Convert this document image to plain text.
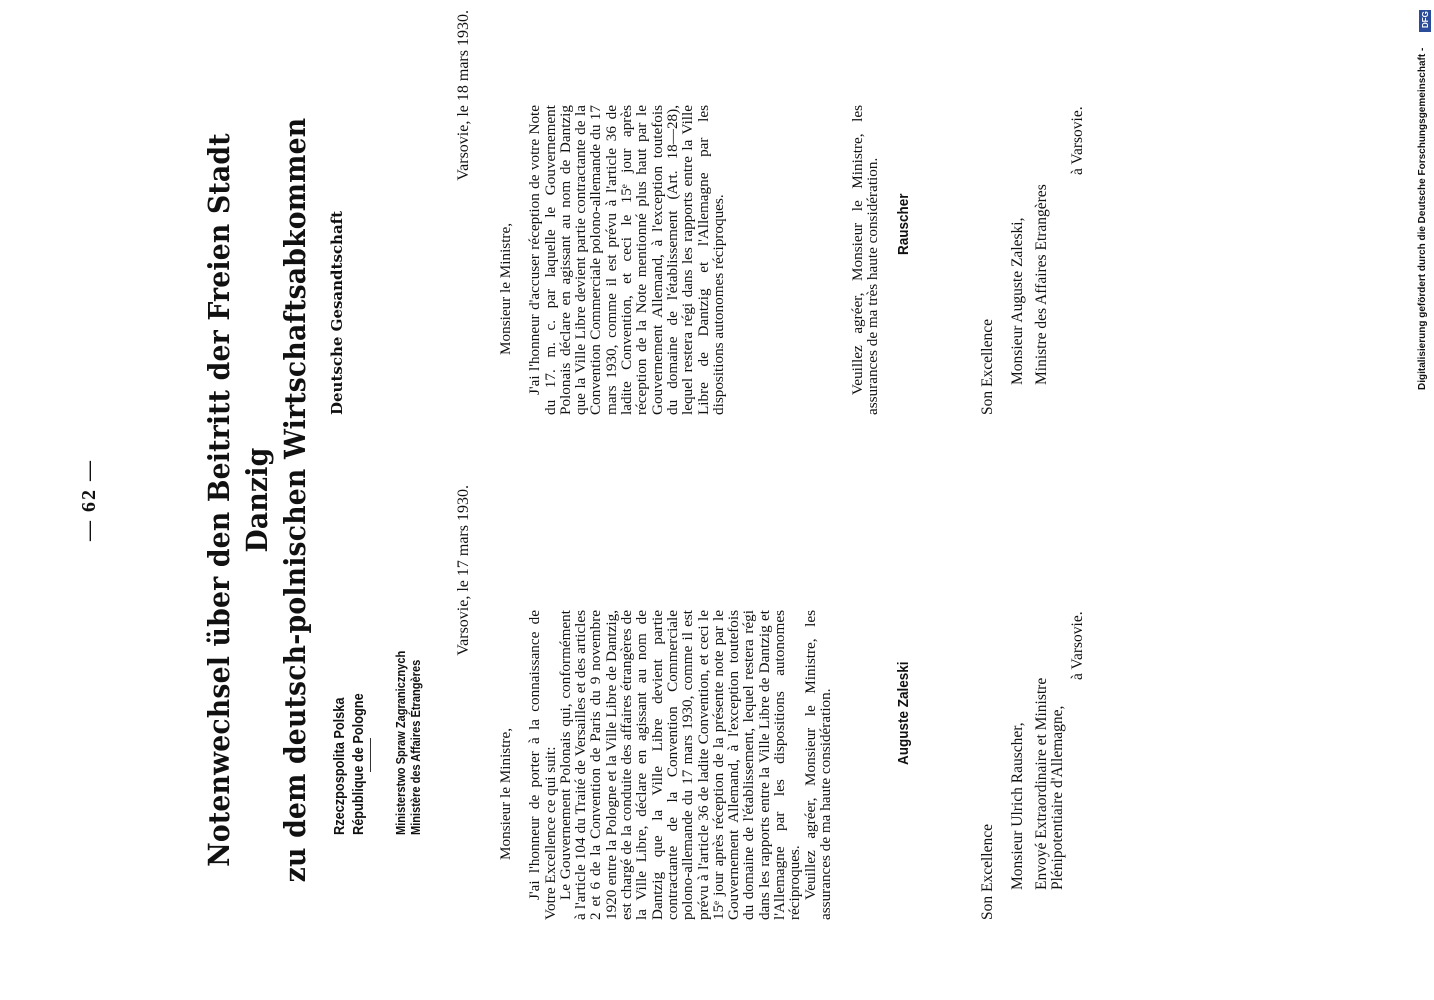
— 62 —	Notenwechsel über den Beitritt der Freien Stadt Danzig zu dem deutsch-polnischen Wirtschaftsabkommen Rzeczpospolita Polska République de Pologne Ministerstwo Spraw Zagranicznych Ministère des Affaires Étrangères
Varsovie, le 17 mars 1930.

Monsieur le Ministre, J'ai l'honneur de porter à la connaissance de Votre Excellence ce qui suit:

Le Gouvernement Polonais qui, conformément à l'article 104 du Traité de Versailles et des articles 2 et 6 de la Convention de Paris du 9 novembre 1920 entre la Pologne et la Ville Libre de Dantzig, est chargé de la conduite des affaires étrangères de la Ville Libre, déclare en agissant au nom de Dantzig que la Ville Libre devient partie contractante de la Convention Commerciale polono-allemande du 17 mars 1930, comme il est prévu à l'article 36 de ladite Convention, et ceci le 15ᵉ jour après réception de la présente note par le Gouvernement Allemand, à l'exception toutefois du domaine de l'établissement, lequel restera régi dans les rapports entre la Ville Libre de Dantzig et l'Allemagne par les dispositions autonomes réciproques.

Veuillez agréer, Monsieur le Ministre, les assurances de ma haute considération.	Auguste Zaleski
Son Excellence Monsieur Ulrich Rauscher, Envoyé Extraordinaire et Ministre Plénipotentiaire d'Allemagne,
à Varsovie.
Deutsche Gesandtschaft
Varsovie, le 18 mars 1930.

Monsieur le Ministre, J'ai l'honneur d'accuser réception de votre Note du 17. m. c. par laquelle le Gouvernement Polonais déclare en agissant au nom de Dantzig que la Ville Libre devient partie contractante de la Convention Commerciale polono-allemande du 17 mars 1930, comme il est prévu à l'article 36 de ladite Convention, et ceci le 15ᵉ jour après réception de la Note mentionné plus haut par le Gouvernement Allemand, à l'exception toutefois du domaine de l'établissement (Art. 18—28), lequel restera régi dans les rapports entre la Ville Libre de Dantzig et l'Allemagne par les dispositions autonomes réciproques.	Veuillez agréer, Monsieur le Ministre, les assurances de ma très haute considération. Rauscher
Son Excellence Monsieur Auguste Zaleski, Ministre des Affaires Etrangères
à Varsovie.
DFG
Digitalisierung gefördert durch die Deutsche Forschungsgemeinschaft -
